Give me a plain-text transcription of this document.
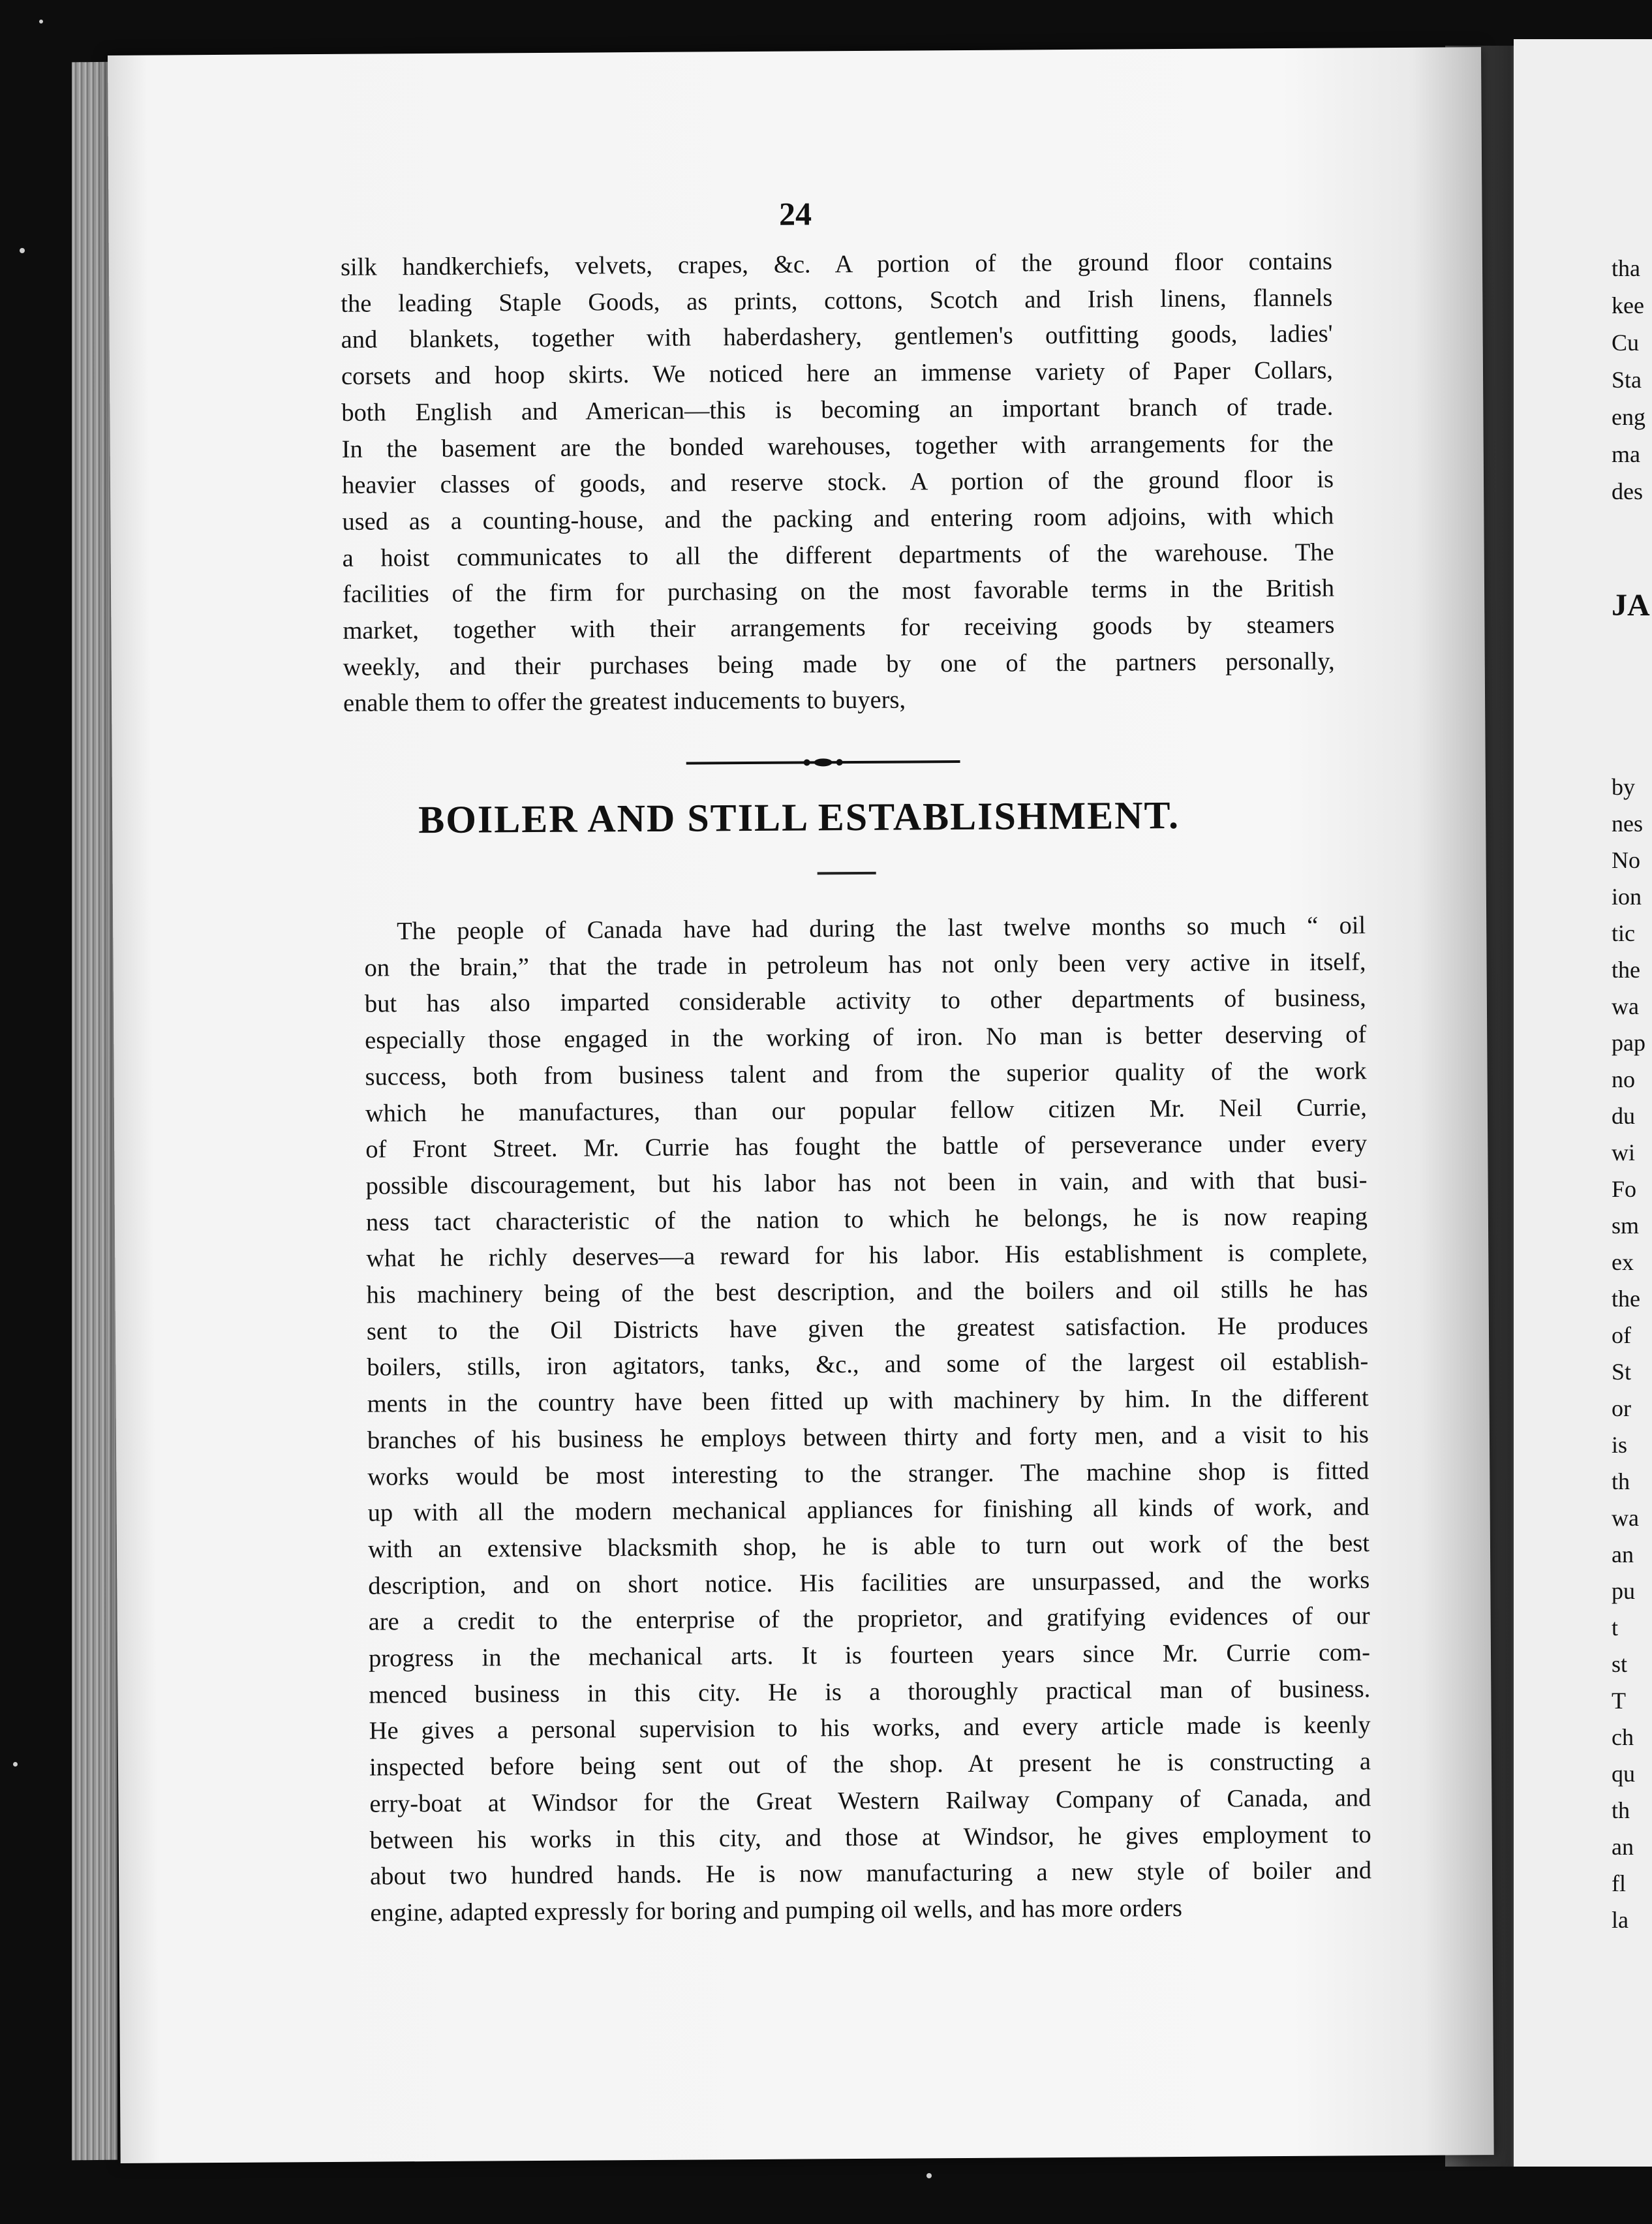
tha
kee
Cu
Sta
eng
ma
des
JA
by
nes
No
ion
tic
the
wa
pap
no
du
wi
Fo
sm
ex
the
of
St
or
is
th
wa
an
pu
t
st
T
ch
qu
th
an
fl
la
24
silk handkerchiefs, velvets, crapes, &c. A portion of the ground floor contains
the leading Staple Goods, as prints, cottons, Scotch and Irish linens, flannels
and blankets, together with haberdashery, gentlemen's outfitting goods, ladies'
corsets and hoop skirts. We noticed here an immense variety of Paper Collars,
both English and American—this is becoming an important branch of trade.
In the basement are the bonded warehouses, together with arrangements for the
heavier classes of goods, and reserve stock. A portion of the ground floor is
used as a counting-house, and the packing and entering room adjoins, with which
a hoist communicates to all the different departments of the warehouse. The
facilities of the firm for purchasing on the most favorable terms in the British
market, together with their arrangements for receiving goods by steamers
weekly, and their purchases being made by one of the partners personally,
enable them to offer the greatest inducements to buyers,
BOILER AND STILL ESTABLISHMENT.
The people of Canada have had during the last twelve months so much “ oil
on the brain,” that the trade in petroleum has not only been very active in itself,
but has also imparted considerable activity to other departments of business,
especially those engaged in the working of iron. No man is better deserving of
success, both from business talent and from the superior quality of the work
which he manufactures, than our popular fellow citizen Mr. Neil Currie,
of Front Street. Mr. Currie has fought the battle of perseverance under every
possible discouragement, but his labor has not been in vain, and with that busi-
ness tact characteristic of the nation to which he belongs, he is now reaping
what he richly deserves—a reward for his labor. His establishment is complete,
his machinery being of the best description, and the boilers and oil stills he has
sent to the Oil Districts have given the greatest satisfaction. He produces
boilers, stills, iron agitators, tanks, &c., and some of the largest oil establish-
ments in the country have been fitted up with machinery by him. In the different
branches of his business he employs between thirty and forty men, and a visit to his
works would be most interesting to the stranger. The machine shop is fitted
up with all the modern mechanical appliances for finishing all kinds of work, and
with an extensive blacksmith shop, he is able to turn out work of the best
description, and on short notice. His facilities are unsurpassed, and the works
are a credit to the enterprise of the proprietor, and gratifying evidences of our
progress in the mechanical arts. It is fourteen years since Mr. Currie com-
menced business in this city. He is a thoroughly practical man of business.
He gives a personal supervision to his works, and every article made is keenly
inspected before being sent out of the shop. At present he is constructing a
erry-boat at Windsor for the Great Western Railway Company of Canada, and
between his works in this city, and those at Windsor, he gives employment to
about two hundred hands. He is now manufacturing a new style of boiler and
engine, adapted expressly for boring and pumping oil wells, and has more orders
